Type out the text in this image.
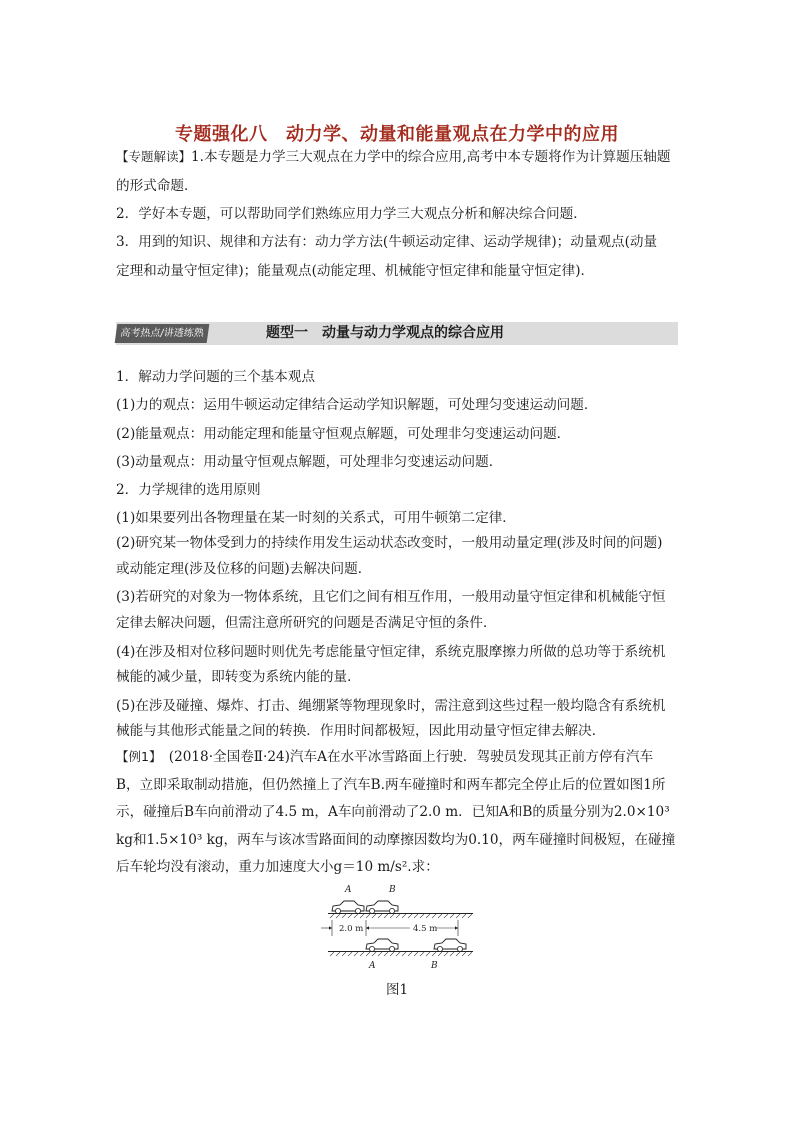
专题强化八　动力学、动量和能量观点在力学中的应用
【专题解读】1.本专题是力学三大观点在力学中的综合应用,高考中本专题将作为计算题压轴题
的形式命题．
2．学好本专题，可以帮助同学们熟练应用力学三大观点分析和解决综合问题．
3．用到的知识、规律和方法有：动力学方法(牛顿运动定律、运动学规律)；动量观点(动量
定理和动量守恒定律)；能量观点(动能定理、机械能守恒定律和能量守恒定律)．
高考热点/讲透练熟	题型一　动量与动力学观点的综合应用
1．解动力学问题的三个基本观点
(1)力的观点：运用牛顿运动定律结合运动学知识解题，可处理匀变速运动问题．
(2)能量观点：用动能定理和能量守恒观点解题，可处理非匀变速运动问题．
(3)动量观点：用动量守恒观点解题，可处理非匀变速运动问题．
2．力学规律的选用原则
(1)如果要列出各物理量在某一时刻的关系式，可用牛顿第二定律．
(2)研究某一物体受到力的持续作用发生运动状态改变时，一般用动量定理(涉及时间的问题)
或动能定理(涉及位移的问题)去解决问题．
(3)若研究的对象为一物体系统，且它们之间有相互作用，一般用动量守恒定律和机械能守恒
定律去解决问题，但需注意所研究的问题是否满足守恒的条件．
(4)在涉及相对位移问题时则优先考虑能量守恒定律，系统克服摩擦力所做的总功等于系统机
械能的减少量，即转变为系统内能的量．
(5)在涉及碰撞、爆炸、打击、绳绷紧等物理现象时，需注意到这些过程一般均隐含有系统机
械能与其他形式能量之间的转换．作用时间都极短，因此用动量守恒定律去解决．
【例1】　 (2018·全国卷Ⅱ·24)汽车A在水平冰雪路面上行驶．驾驶员发现其正前方停有汽车
B，立即采取制动措施，但仍然撞上了汽车B.两车碰撞时和两车都完全停止后的位置如图1所
示，碰撞后B车向前滑动了4.5 m，A车向前滑动了2.0 m．已知A和B的质量分别为2.0×10³
kg和1.5×10³ kg，两车与该冰雪路面间的动摩擦因数均为0.10，两车碰撞时间极短，在碰撞
后车轮均没有滚动，重力加速度大小g＝10 m/s².求：
A	B
2.0 m	4.5 m
A	B
图1
